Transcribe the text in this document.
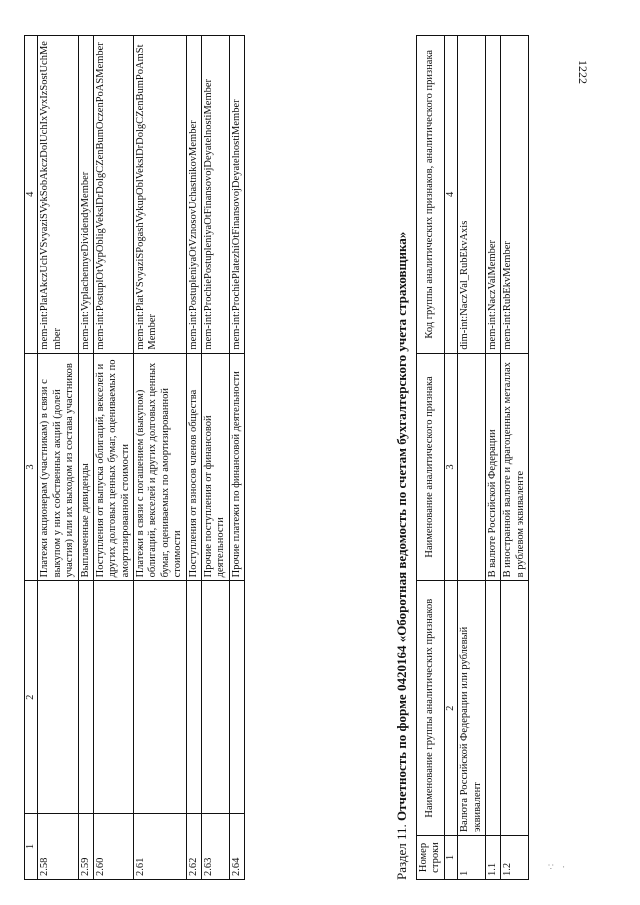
1222
∵ ⋅
1	2	3	4
2.58		Платежи акционерам (участникам) в связи с выкупом у них собственных акций (долей участия) или их выходом из состава участников	mem-int:PlatAkczUchVSvyaziSVykSobAkczDolUchIxVyxIzSostUchMember
2.59		Выплаченные дивиденды	mem-int:VyplachennyeDividendyMember
2.60		Поступления от выпуска облигаций, векселей и других долговых ценных бумаг, оцениваемых по амортизированной стоимости	mem-int:PostuplOtVypObligVekslDrDolgCZenBumOczenPoASMember
2.61		Платежи в связи с погашением (выкупом) облигаций, векселей и других долговых ценных бумаг, оцениваемых по амортизированной стоимости	mem-int:PlatVSvyaziSPogashVykupOblVekslDrDolgCZenBumPoAmStMember
2.62		Поступления от взносов членов общества	mem-int:PostupleniyaOtVznosovUchastnikovMember
2.63		Прочие поступления от финансовой деятельности	mem-int:ProchiePostupleniyaOtFinansovojDeyatelnostiMember
2.64		Прочие платежи по финансовой деятельности	mem-int:ProchiePlatezhiOtFinansovojDeyatelnostiMember
Раздел 11. Отчетность по форме 0420164 «Оборотная ведомость по счетам бухгалтерского учета страховщика»
Номер строки	Наименование группы аналитических признаков	Наименование аналитического признака	Код группы аналитических признаков, аналитического признака
1	2	3	4
1	Валюта Российской Федерации или рублевый эквивалент		dim-int:NaczVal_RubEkvAxis
1.1		В валюте Российской Федерации	mem-int:NaczValMember
1.2		В иностранной валюте и драгоценных металлах в рублевом эквиваленте	mem-int:RubEkvMember
